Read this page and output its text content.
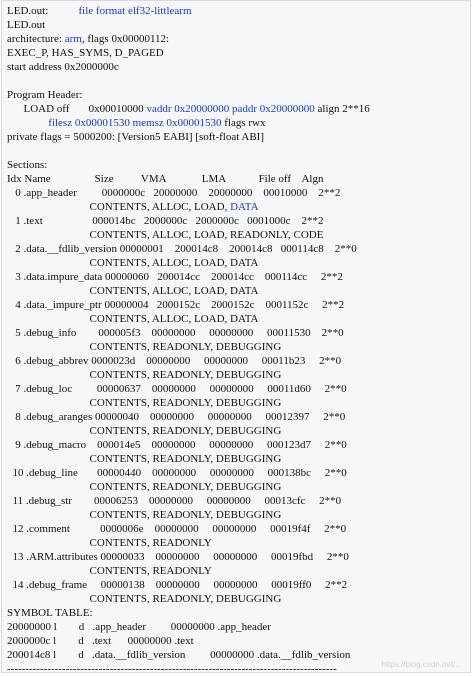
LED.out:	file format elf32-littlearm
LED.out
architecture: arm, flags 0x00000112:
EXEC_P, HAS_SYMS, D_PAGED
start address 0x2000000c
Program Header:
LOAD off       0x00010000 vaddr 0x20000000 paddr 0x20000000 align 2**16
filesz 0x00001530 memsz 0x00001530 flags rwx
private flags = 5000200: [Version5 EABI] [soft-float ABI]
Sections:
Idx Name                Size          VMA             LMA            File off    Algn
0 .app_header         0000000c   20000000    20000000    00010000    2**2
CONTENTS, ALLOC, LOAD, DATA
1 .text                  000014bc   2000000c   2000000c   0001000c    2**2
CONTENTS, ALLOC, LOAD, READONLY, CODE
2 .data.__fdlib_version 00000001    200014c8    200014c8   000114c8    2**0
CONTENTS, ALLOC, LOAD, DATA
3 .data.impure_data 00000060   200014cc    200014cc    000114cc     2**2
CONTENTS, ALLOC, LOAD, DATA
4 .data._impure_ptr 00000004   2000152c    2000152c    0001152c     2**2
CONTENTS, ALLOC, LOAD, DATA
5 .debug_info        000005f3    00000000     00000000     00011530    2**0
CONTENTS, READONLY, DEBUGGING
6 .debug_abbrev 0000023d    00000000     00000000     00011b23     2**0
CONTENTS, READONLY, DEBUGGING
7 .debug_loc         00000637    00000000     00000000     00011d60     2**0
CONTENTS, READONLY, DEBUGGING
8 .debug_aranges 00000040    00000000     00000000     00012397     2**0
CONTENTS, READONLY, DEBUGGING
9 .debug_macro    000014e5    00000000     00000000     000123d7     2**0
CONTENTS, READONLY, DEBUGGING
10 .debug_line       00000440    00000000     00000000     000138bc     2**0
CONTENTS, READONLY, DEBUGGING
11 .debug_str        00006253    00000000     00000000     00013cfc     2**0
CONTENTS, READONLY, DEBUGGING
12 .comment           0000006e    00000000     00000000     00019f4f     2**0
CONTENTS, READONLY
13 .ARM.attributes 00000033    00000000     00000000     00019fbd     2**0
CONTENTS, READONLY
14 .debug_frame     00000138    00000000     00000000     00019ff0     2**2
CONTENTS, READONLY, DEBUGGING
SYMBOL TABLE:
20000000 l        d   .app_header         00000000 .app_header
2000000c l        d   .text      00000000 .text
200014c8 l        d   .data.__fdlib_version         00000000 .data.__fdlib_version
------------------------------------------------------------------------------------------	https://blog.csdn.net/...
